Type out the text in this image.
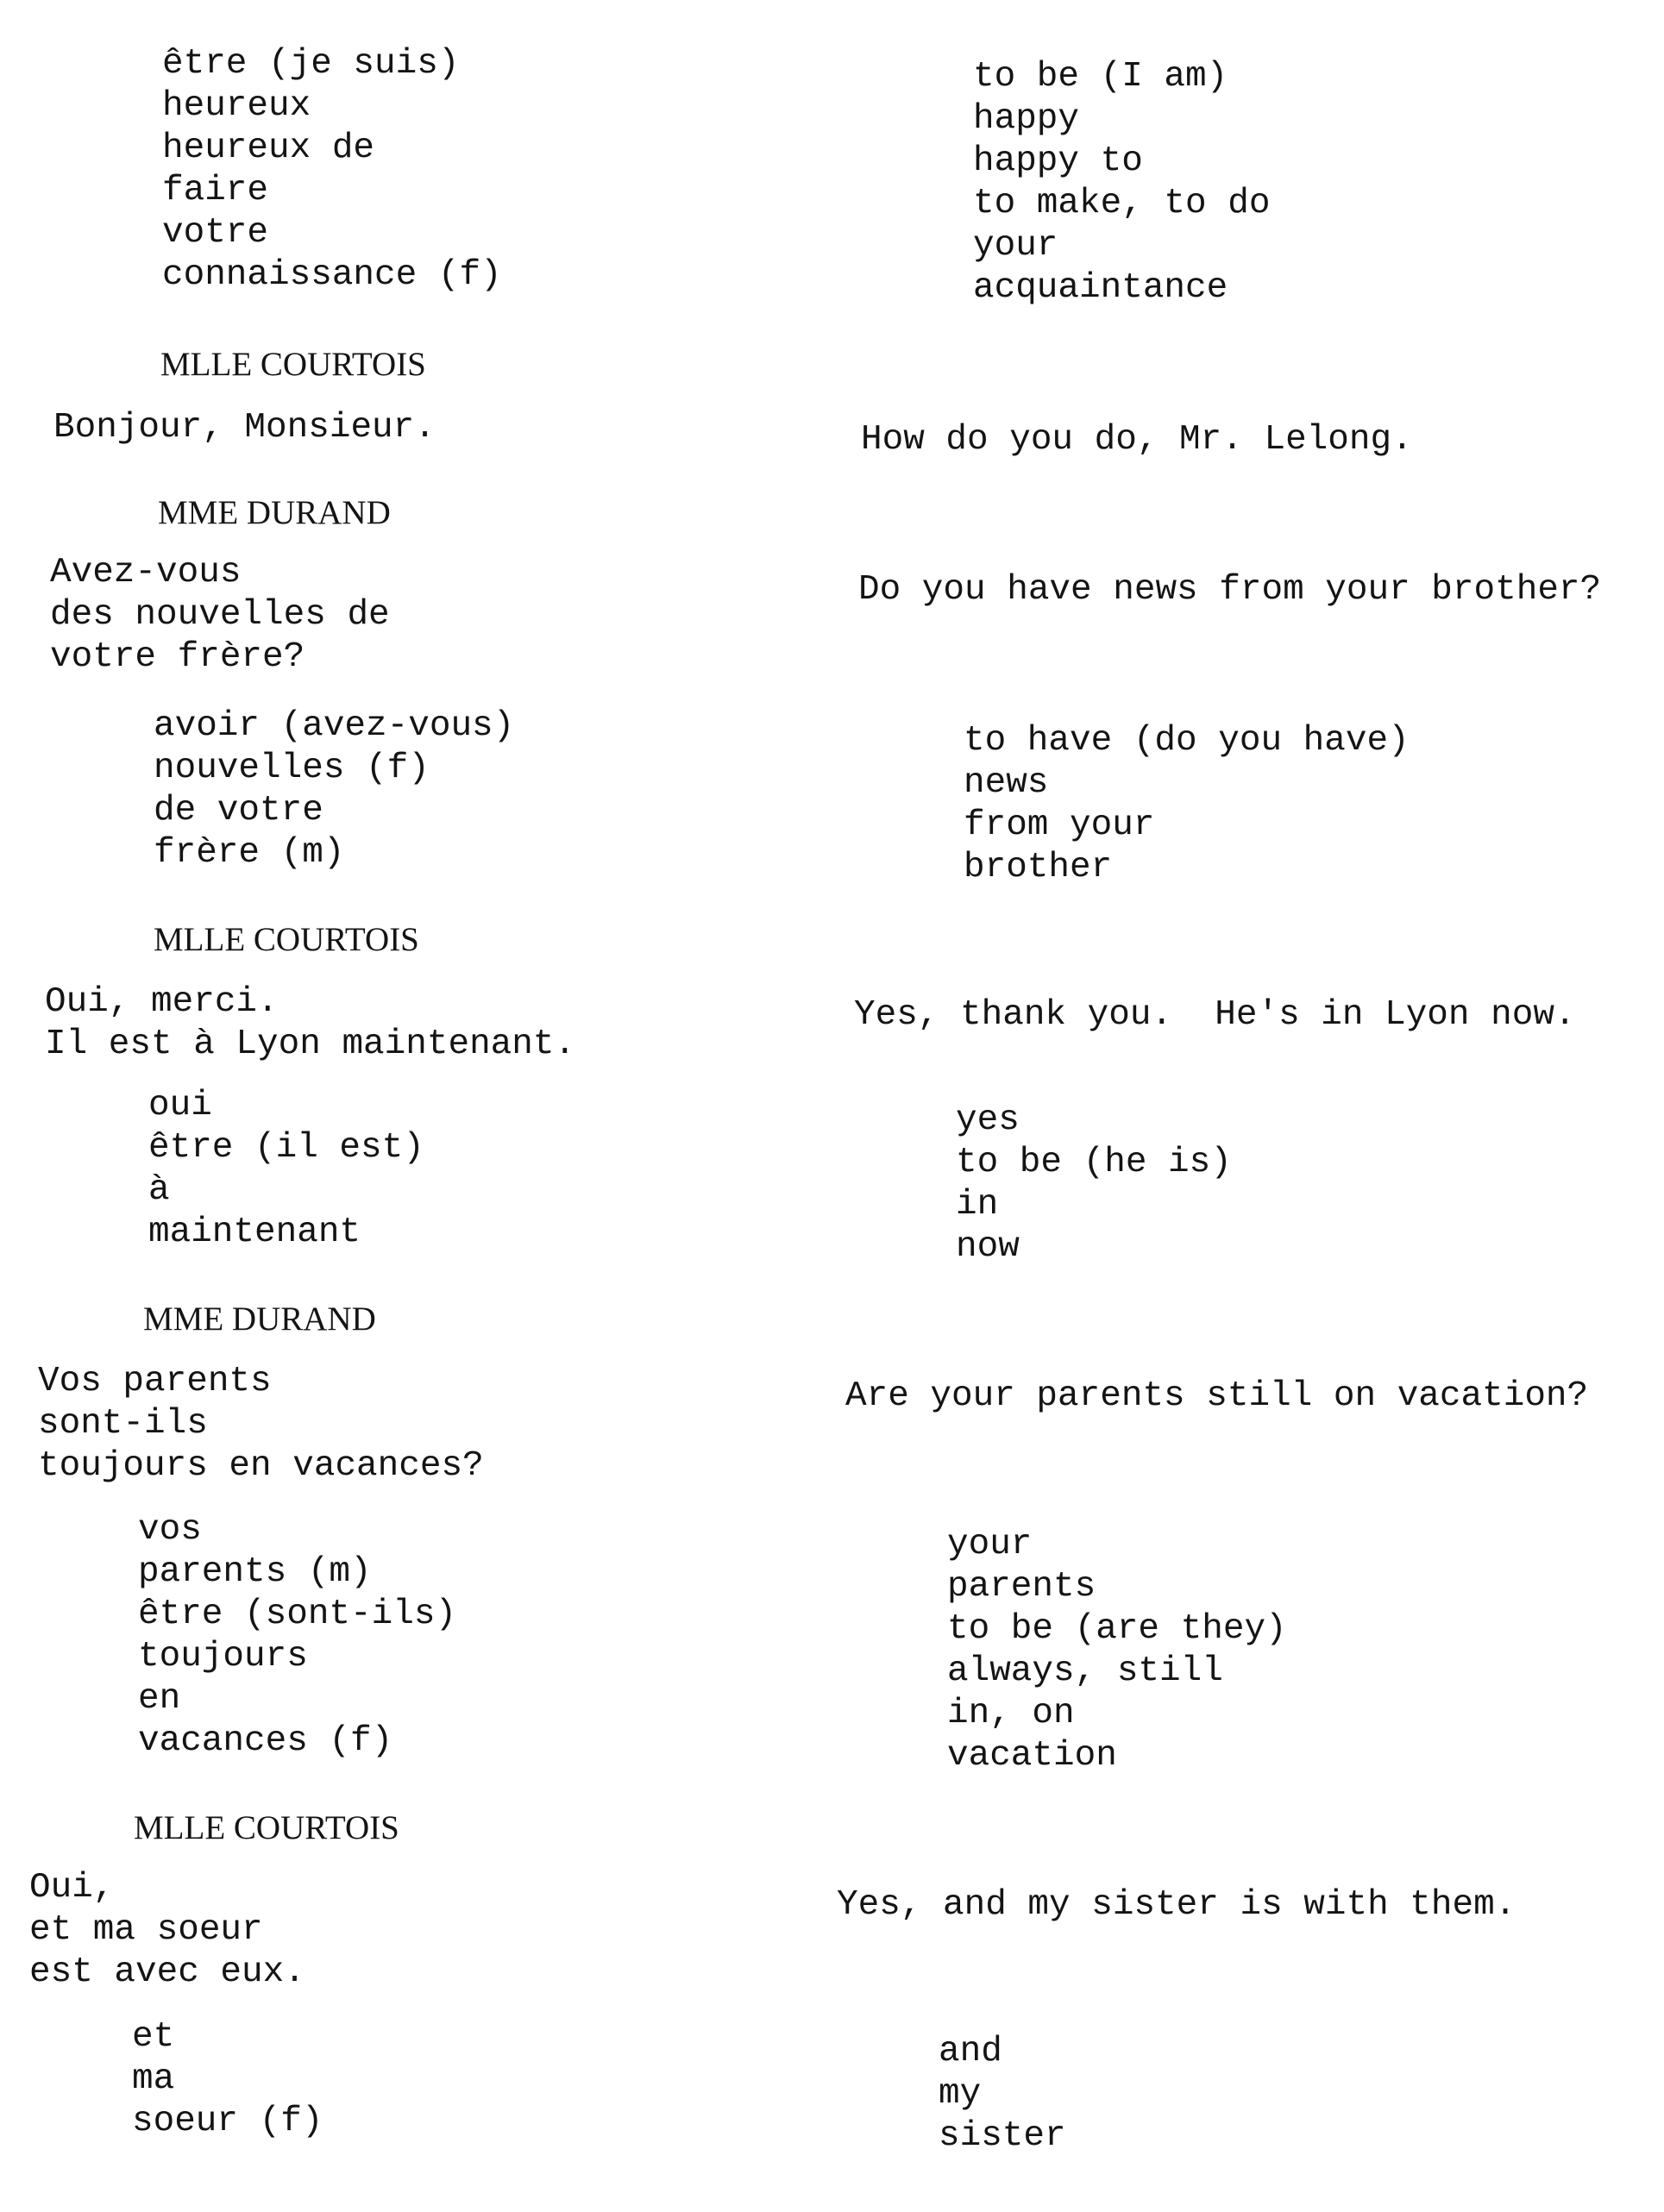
être (je suis)
heureux
heureux de
faire
votre
connaissance (f)
to be (I am)
happy
happy to
to make, to do
your
acquaintance
MLLE COURTOIS
Bonjour, Monsieur.	How do you do, Mr. Lelong.
MME DURAND
Avez-vous
des nouvelles de
votre frère?
Do you have news from your brother?
avoir (avez-vous)
nouvelles (f)
de votre
frère (m)
to have (do you have)
news
from your
brother
MLLE COURTOIS
Oui, merci.
Il est à Lyon maintenant.
Yes, thank you.  He's in Lyon now.
oui
être (il est)
à
maintenant
yes
to be (he is)
in
now
MME DURAND
Vos parents
sont-ils
toujours en vacances?
Are your parents still on vacation?
vos
parents (m)
être (sont-ils)
toujours
en
vacances (f)
your
parents
to be (are they)
always, still
in, on
vacation
MLLE COURTOIS
Oui,
et ma soeur
est avec eux.
Yes, and my sister is with them.
et
ma
soeur (f)
and
my
sister
